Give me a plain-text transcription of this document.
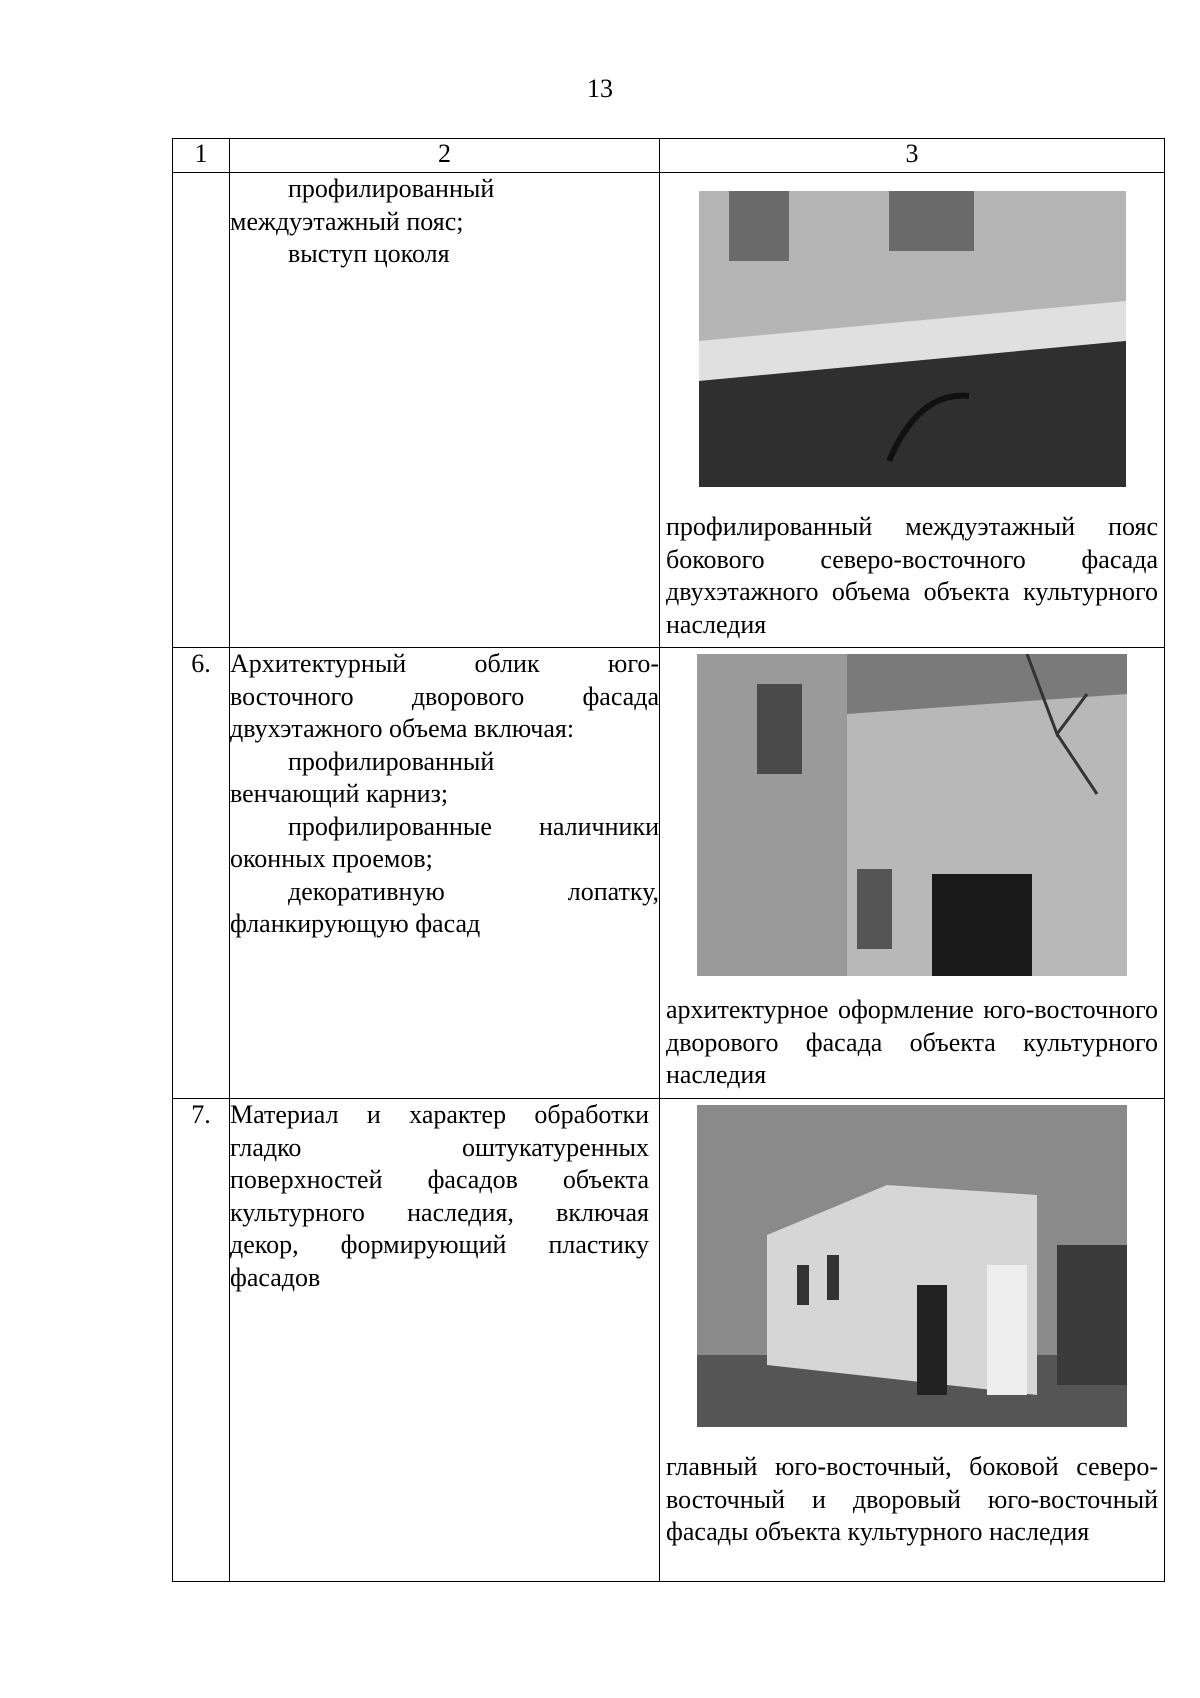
13
1	2	3

	профилированный

междуэтажный пояс;

выступ цоколя	профилированный междуэтажный пояс бокового северо-восточного фасада двухэтажного объема объекта культурного наследия

6.	Архитектурный облик юго-восточного дворового фасада двухэтажного объема включая:

профилированный

венчающий карниз;

профилированные наличники оконных проемов;

декоративную лопатку, фланкирующую фасад	архитектурное оформление юго-восточного дворового фасада объекта культурного наследия

7.	Материал и характер обработки гладко оштукатуренных поверхностей фасадов объекта культурного наследия, включая декор, формирующий пластику фасадов	главный юго-восточный, боковой северо-восточный и дворовый юго-восточный фасады объекта культурного наследия
